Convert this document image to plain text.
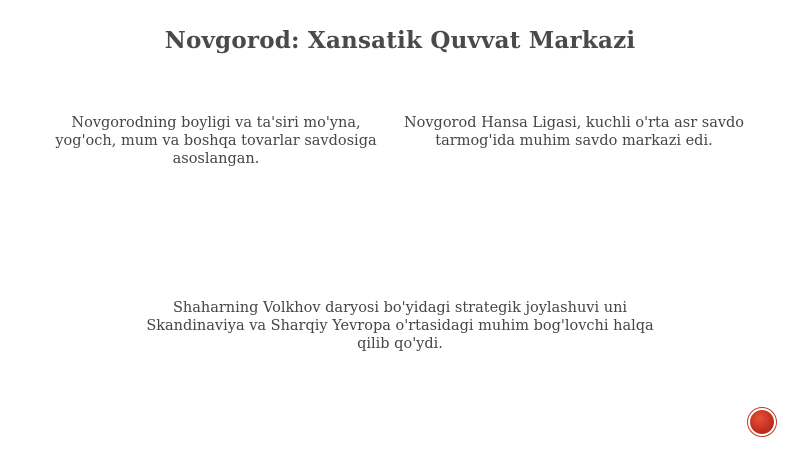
Novgorod: Xansatik Quvvat Markazi
Novgorodning boyligi va ta'siri mo'yna, yog'och, mum va boshqa tovarlar savdosiga asoslangan.
Novgorod Hansa Ligasi, kuchli o'rta asr savdo tarmog'ida muhim savdo markazi edi.
Shaharning Volkhov daryosi bo'yidagi strategik joylashuvi uni Skandinaviya va Sharqiy Yevropa o'rtasidagi muhim bog'lovchi halqa qilib qo'ydi.
